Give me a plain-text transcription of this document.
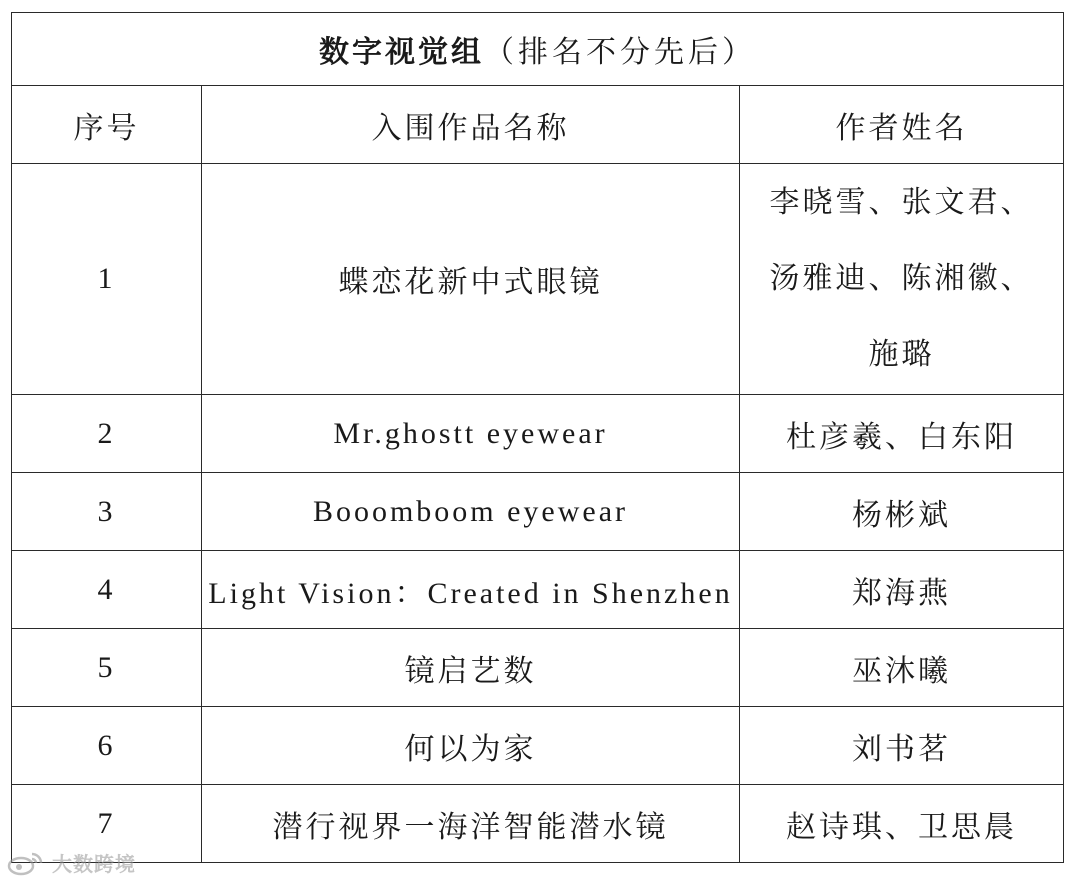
数字视觉组（排名不分先后）		
序号	入围作品名称	作者姓名
1	蝶恋花新中式眼镜	李晓雪、张文君、
汤雅迪、陈湘徽、
施璐

2	Mr.ghostt eyewear	杜彦羲、白东阳
3	Booomboom eyewear	杨彬斌
4	Light Vision：Created in Shenzhen	郑海燕
5	镜启艺数	巫沐曦
6	何以为家	刘书茗
7	潜行视界一海洋智能潜水镜	赵诗琪、卫思晨
大数跨境
